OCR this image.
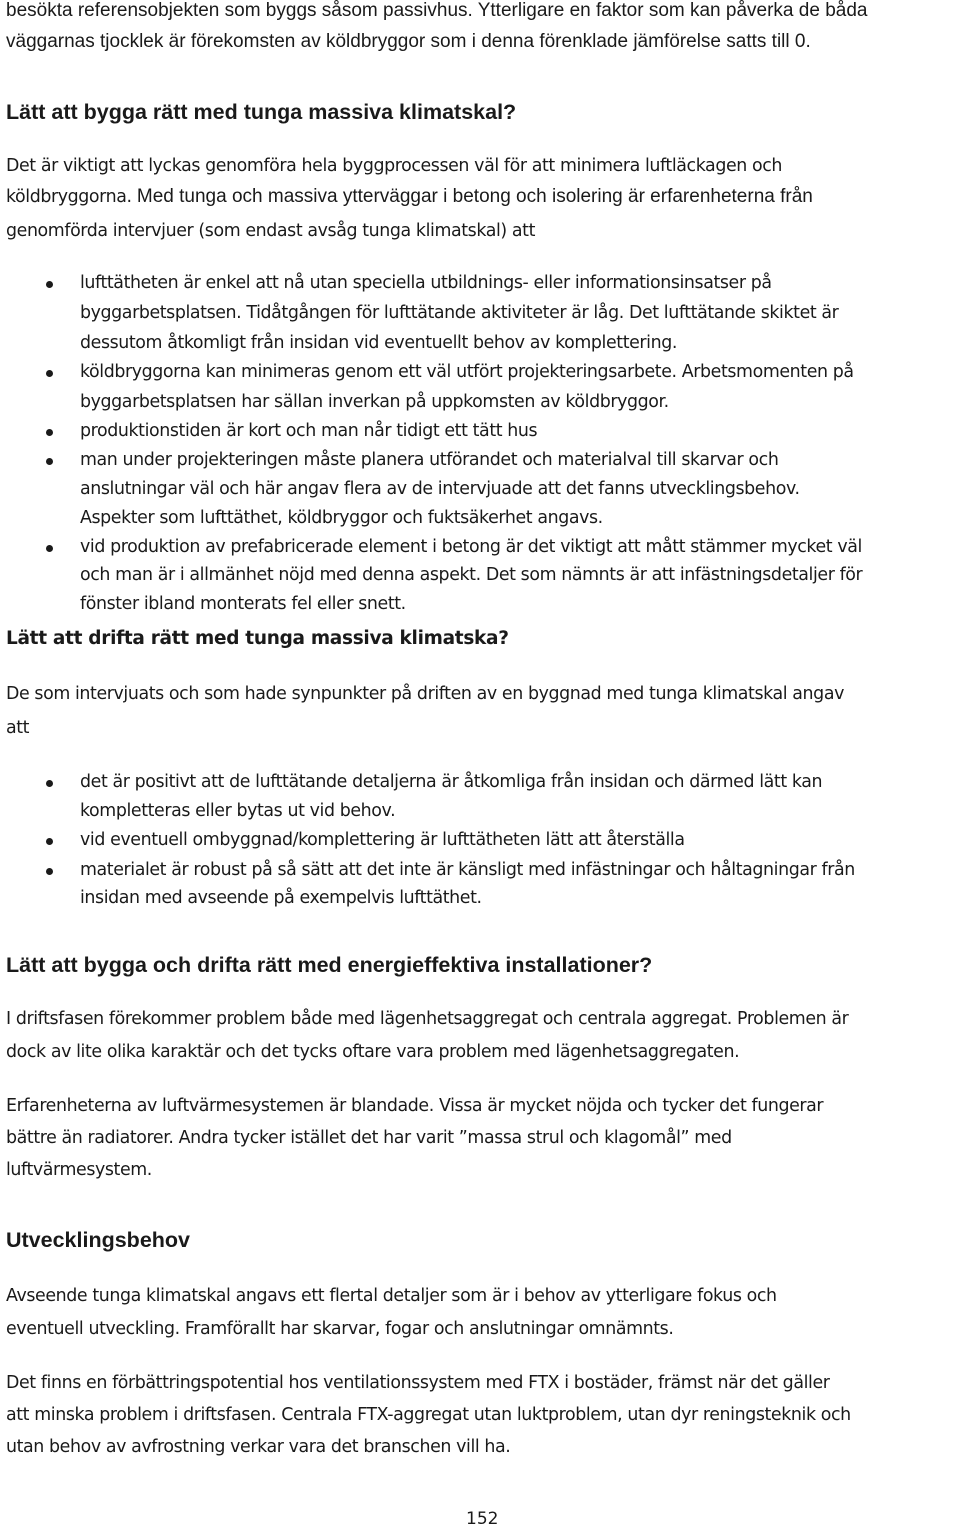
besökta referensobjekten som byggs såsom passivhus. Ytterligare en faktor som kan påverka de båda

väggarnas tjocklek är förekomsten av köldbryggor som i denna förenklade jämförelse satts till 0.

Lätt att bygga rätt med tunga massiva klimatskal?

Det är viktigt att lyckas genomföra hela byggprocessen väl för att minimera luftläckagen och

köldbryggorna. Med tunga och massiva ytterväggar i betong och isolering är erfarenheterna från

genomförda intervjuer (som endast avsåg tunga klimatskal) att

lufttätheten är enkel att nå utan speciella utbildnings- eller informationsinsatser på

byggarbetsplatsen. Tidåtgången för lufttätande aktiviteter är låg. Det lufttätande skiktet är

dessutom åtkomligt från insidan vid eventuellt behov av komplettering.

köldbryggorna kan minimeras genom ett väl utfört projekteringsarbete. Arbetsmomenten på

byggarbetsplatsen har sällan inverkan på uppkomsten av köldbryggor.

produktionstiden är kort och man når tidigt ett tätt hus

man under projekteringen måste planera utförandet och materialval till skarvar och

anslutningar väl och här angav flera av de intervjuade att det fanns utvecklingsbehov.

Aspekter som lufttäthet, köldbryggor och fuktsäkerhet angavs.

vid produktion av prefabricerade element i betong är det viktigt att mått stämmer mycket väl

och man är i allmänhet nöjd med denna aspekt. Det som nämnts är att infästningsdetaljer för

fönster ibland monterats fel eller snett.

Lätt att drifta rätt med tunga massiva klimatska?

De som intervjuats och som hade synpunkter på driften av en byggnad med tunga klimatskal angav

att

det är positivt att de lufttätande detaljerna är åtkomliga från insidan och därmed lätt kan

kompletteras eller bytas ut vid behov.

vid eventuell ombyggnad/komplettering är lufttätheten lätt att återställa

materialet är robust på så sätt att det inte är känsligt med infästningar och håltagningar från

insidan med avseende på exempelvis lufttäthet.

Lätt att bygga och drifta rätt med energieffektiva installationer?

I driftsfasen förekommer problem både med lägenhetsaggregat och centrala aggregat. Problemen är

dock av lite olika karaktär och det tycks oftare vara problem med lägenhetsaggregaten.

Erfarenheterna av luftvärmesystemen är blandade. Vissa är mycket nöjda och tycker det fungerar

bättre än radiatorer. Andra tycker istället det har varit ”massa strul och klagomål” med

luftvärmesystem.

Utvecklingsbehov

Avseende tunga klimatskal angavs ett flertal detaljer som är i behov av ytterligare fokus och

eventuell utveckling. Framförallt har skarvar, fogar och anslutningar omnämnts.

Det finns en förbättringspotential hos ventilationssystem med FTX i bostäder, främst när det gäller

att minska problem i driftsfasen. Centrala FTX-aggregat utan luktproblem, utan dyr reningsteknik och

utan behov av avfrostning verkar vara det branschen vill ha.

152
